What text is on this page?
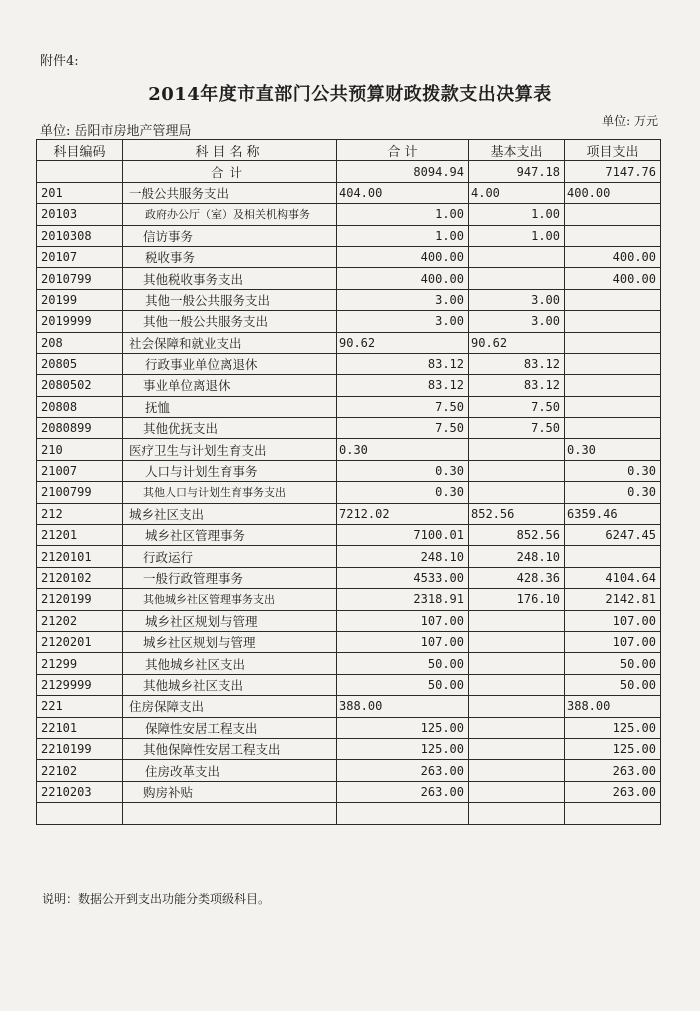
附件4:
2014年度市直部门公共预算财政拨款支出决算表
单位: 岳阳市房地产管理局
单位: 万元
科目编码	科目名称	合 计	基本支出	项目支出
	合计	8094.94	947.18	7147.76
201	一般公共服务支出	404.00	4.00	400.00
20103	政府办公厅（室）及相关机构事务	1.00	1.00	
2010308	信访事务	1.00	1.00	
20107	税收事务	400.00		400.00
2010799	其他税收事务支出	400.00		400.00
20199	其他一般公共服务支出	3.00	3.00	
2019999	其他一般公共服务支出	3.00	3.00	
208	社会保障和就业支出	90.62	90.62	
20805	行政事业单位离退休	83.12	83.12	
2080502	事业单位离退休	83.12	83.12	
20808	抚恤	7.50	7.50	
2080899	其他优抚支出	7.50	7.50	
210	医疗卫生与计划生育支出	0.30		0.30
21007	人口与计划生育事务	0.30		0.30
2100799	其他人口与计划生育事务支出	0.30		0.30
212	城乡社区支出	7212.02	852.56	6359.46
21201	城乡社区管理事务	7100.01	852.56	6247.45
2120101	行政运行	248.10	248.10	
2120102	一般行政管理事务	4533.00	428.36	4104.64
2120199	其他城乡社区管理事务支出	2318.91	176.10	2142.81
21202	城乡社区规划与管理	107.00		107.00
2120201	城乡社区规划与管理	107.00		107.00
21299	其他城乡社区支出	50.00		50.00
2129999	其他城乡社区支出	50.00		50.00
221	住房保障支出	388.00		388.00
22101	保障性安居工程支出	125.00		125.00
2210199	其他保障性安居工程支出	125.00		125.00
22102	住房改革支出	263.00		263.00
2210203	购房补贴	263.00		263.00

说明：数据公开到支出功能分类项级科目。
